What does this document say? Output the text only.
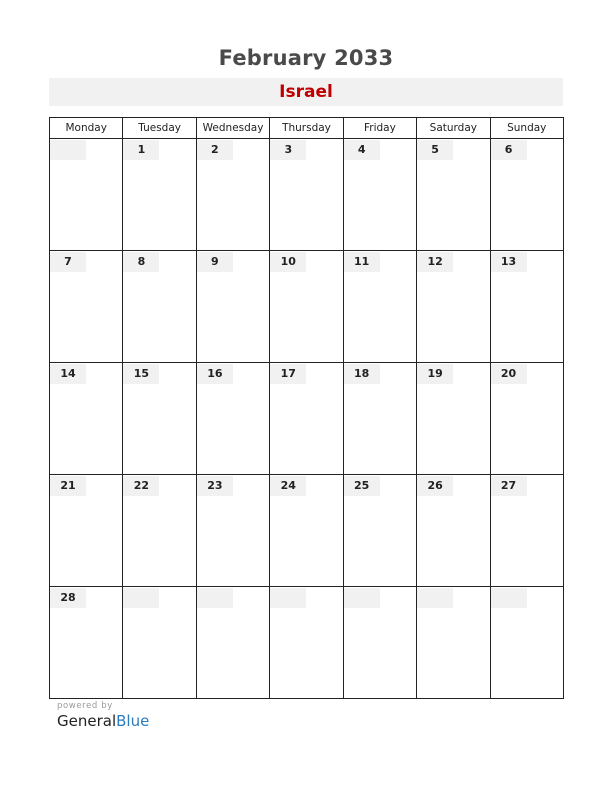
February 2033
Israel
Monday	Tuesday	Wednesday	Thursday	Friday	Saturday	Sunday

	1	2	3	4	5	6

7	8	9	10	11	12	13

14	15	16	17	18	19	20

21	22	23	24	25	26	27

28						

powered by
GeneralBlue
